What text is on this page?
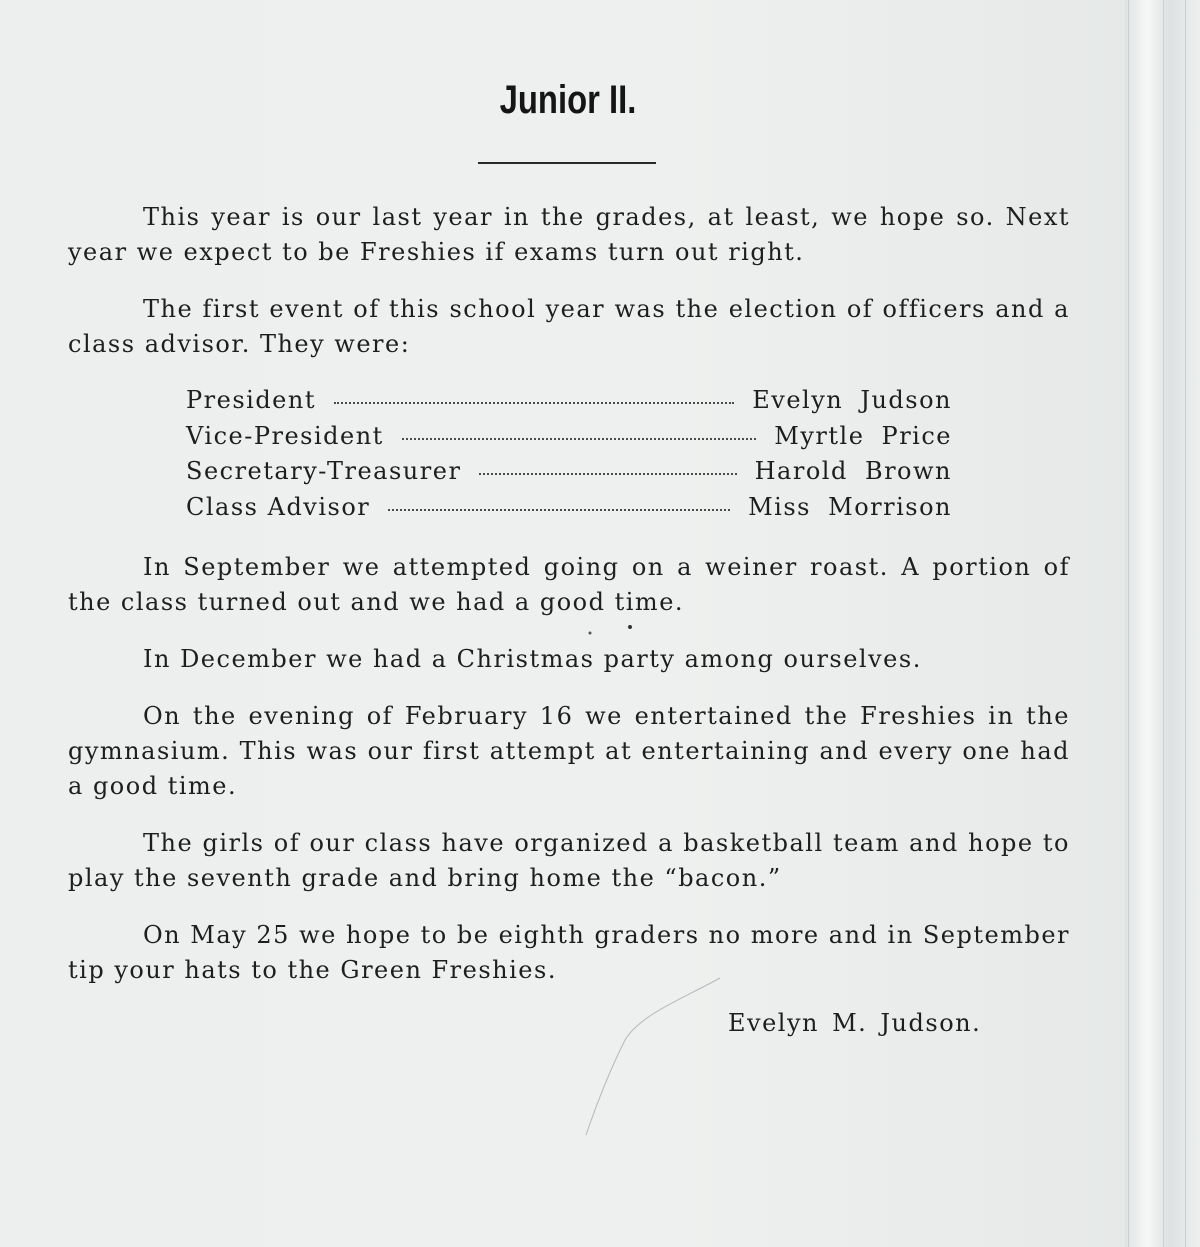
Junior II.

This year is our last year in the grades, at least, we hope so. Next year we expect to be Freshies if exams turn out right.

The first event of this school year was the election of officers and a class advisor. They were:

President	Evelyn Judson
Vice-President	Myrtle Price
Secretary-Treasurer	Harold Brown
Class Advisor	Miss Morrison

In September we attempted going on a weiner roast. A portion of the class turned out and we had a good time.

In December we had a Christmas party among ourselves.

On the evening of February 16 we entertained the Freshies in the gymnasium. This was our first attempt at entertaining and every one had a good time.

The girls of our class have organized a basketball team and hope to play the seventh grade and bring home the “bacon.”

On May 25 we hope to be eighth graders no more and in September tip your hats to the Green Freshies.

Evelyn M. Judson.
